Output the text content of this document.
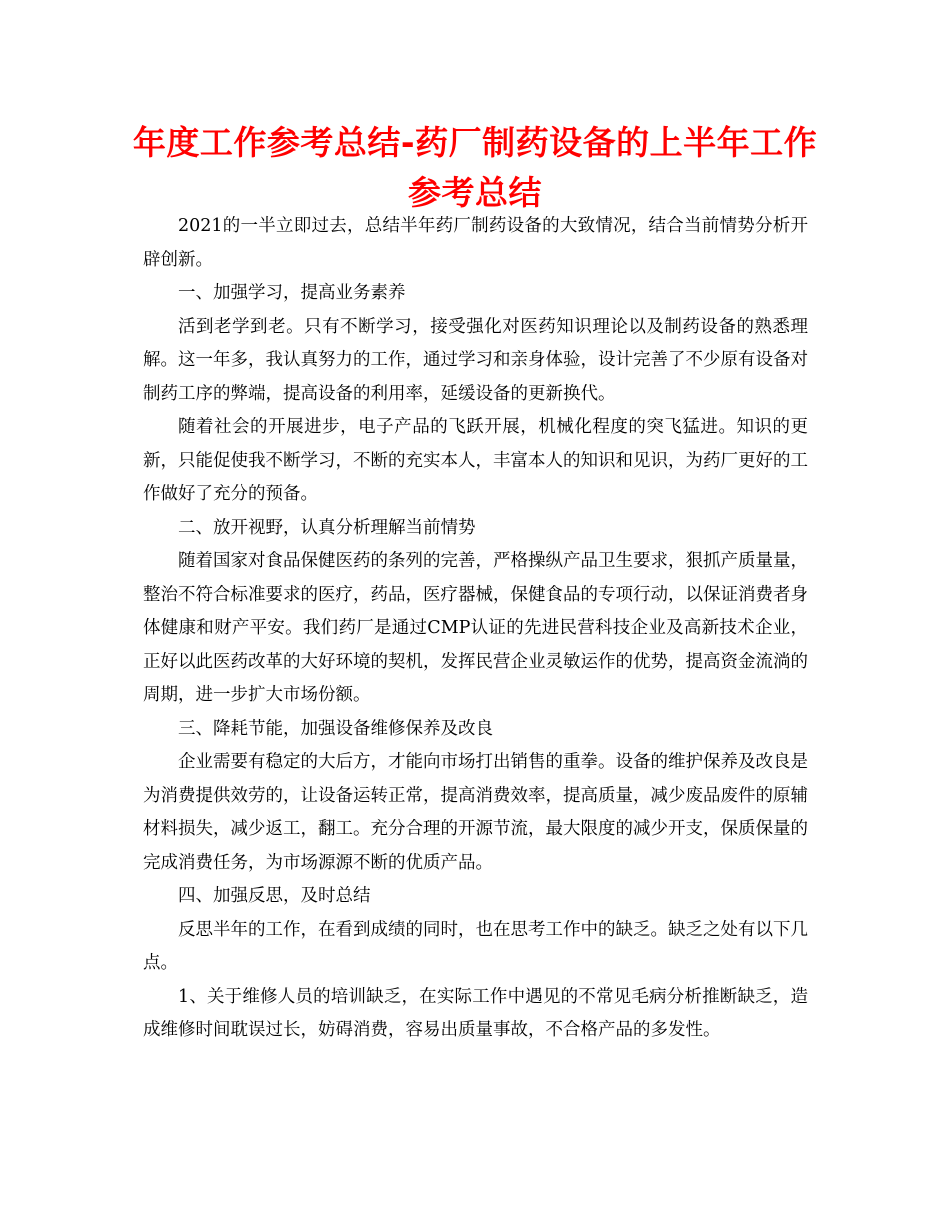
年度工作参考总结-药厂制药设备的上半年工作参考总结

2021的一半立即过去，总结半年药厂制药设备的大致情况，结合当前情势分析开辟创新。

一、加强学习，提高业务素养

活到老学到老。只有不断学习，接受强化对医药知识理论以及制药设备的熟悉理解。这一年多，我认真努力的工作，通过学习和亲身体验，设计完善了不少原有设备对制药工序的弊端，提高设备的利用率，延缓设备的更新换代。

随着社会的开展进步，电子产品的飞跃开展，机械化程度的突飞猛进。知识的更新，只能促使我不断学习，不断的充实本人，丰富本人的知识和见识，为药厂更好的工作做好了充分的预备。

二、放开视野，认真分析理解当前情势

随着国家对食品保健医药的条列的完善，严格操纵产品卫生要求，狠抓产质量量，整治不符合标准要求的医疗，药品，医疗器械，保健食品的专项行动，以保证消费者身体健康和财产平安。我们药厂是通过CMP认证的先进民营科技企业及高新技术企业，正好以此医药改革的大好环境的契机，发挥民营企业灵敏运作的优势，提高资金流淌的周期，进一步扩大市场份额。

三、降耗节能，加强设备维修保养及改良

企业需要有稳定的大后方，才能向市场打出销售的重拳。设备的维护保养及改良是为消费提供效劳的，让设备运转正常，提高消费效率，提高质量，减少废品废件的原辅材料损失，减少返工，翻工。充分合理的开源节流，最大限度的减少开支，保质保量的完成消费任务，为市场源源不断的优质产品。

四、加强反思，及时总结

反思半年的工作，在看到成绩的同时，也在思考工作中的缺乏。缺乏之处有以下几点。

1、关于维修人员的培训缺乏，在实际工作中遇见的不常见毛病分析推断缺乏，造成维修时间耽误过长，妨碍消费，容易出质量事故，不合格产品的多发性。
